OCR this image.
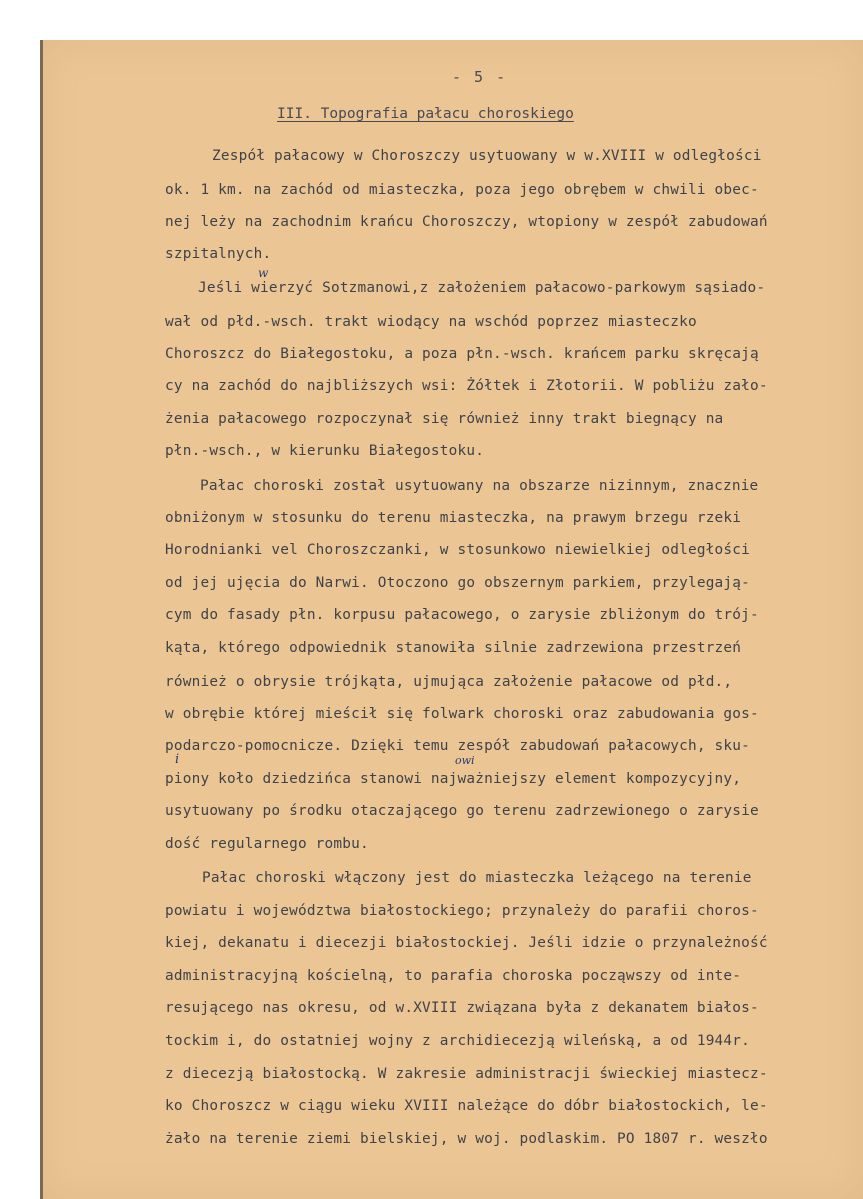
- 5 -
III. Topografia pałacu choroskiego
Zespół pałacowy w Choroszczy usytuowany w w.XVIII w odległości
ok. 1 km. na zachód od miasteczka, poza jego obrębem w chwili obec-
nej leży na zachodnim krańcu Choroszczy, wtopiony w zespół zabudowań
szpitalnych.
Jeśli wierzyć Sotzmanowi,z założeniem pałacowo-parkowym sąsiado-
wał od płd.-wsch. trakt wiodący na wschód poprzez miasteczko
Choroszcz do Białegostoku, a poza płn.-wsch. krańcem parku skręcają
cy na zachód do najbliższych wsi: Żółtek i Złotorii. W pobliżu zało-
żenia pałacowego rozpoczynał się również inny trakt biegnący na
płn.-wsch., w kierunku Białegostoku.
Pałac choroski został usytuowany na obszarze nizinnym, znacznie
obniżonym w stosunku do terenu miasteczka, na prawym brzegu rzeki
Horodnianki vel Choroszczanki, w stosunkowo niewielkiej odległości
od jej ujęcia do Narwi. Otoczono go obszernym parkiem, przylegają-
cym do fasady płn. korpusu pałacowego, o zarysie zbliżonym do trój-
kąta, którego odpowiednik stanowiła silnie zadrzewiona przestrzeń
również o obrysie trójkąta, ujmująca założenie pałacowe od płd.,
w obrębie której mieścił się folwark choroski oraz zabudowania gos-
podarczo-pomocnicze. Dzięki temu zespół zabudowań pałacowych, sku-
piony koło dziedzińca stanowi najważniejszy element kompozycyjny,
usytuowany po środku otaczającego go terenu zadrzewionego o zarysie
dość regularnego rombu.
Pałac choroski włączony jest do miasteczka leżącego na terenie
powiatu i województwa białostockiego; przynależy do parafii choros-
kiej, dekanatu i diecezji białostockiej. Jeśli idzie o przynależność
administracyjną kościelną, to parafia choroska począwszy od inte-
resującego nas okresu, od w.XVIII związana była z dekanatem białos-
tockim i, do ostatniej wojny z archidiecezją wileńską, a od 1944r.
z diecezją białostocką. W zakresie administracji świeckiej miastecz-
ko Choroszcz w ciągu wieku XVIII należące do dóbr białostockich, le-
żało na terenie ziemi bielskiej, w woj. podlaskim. PO 1807 r. weszło
w
i	owi
